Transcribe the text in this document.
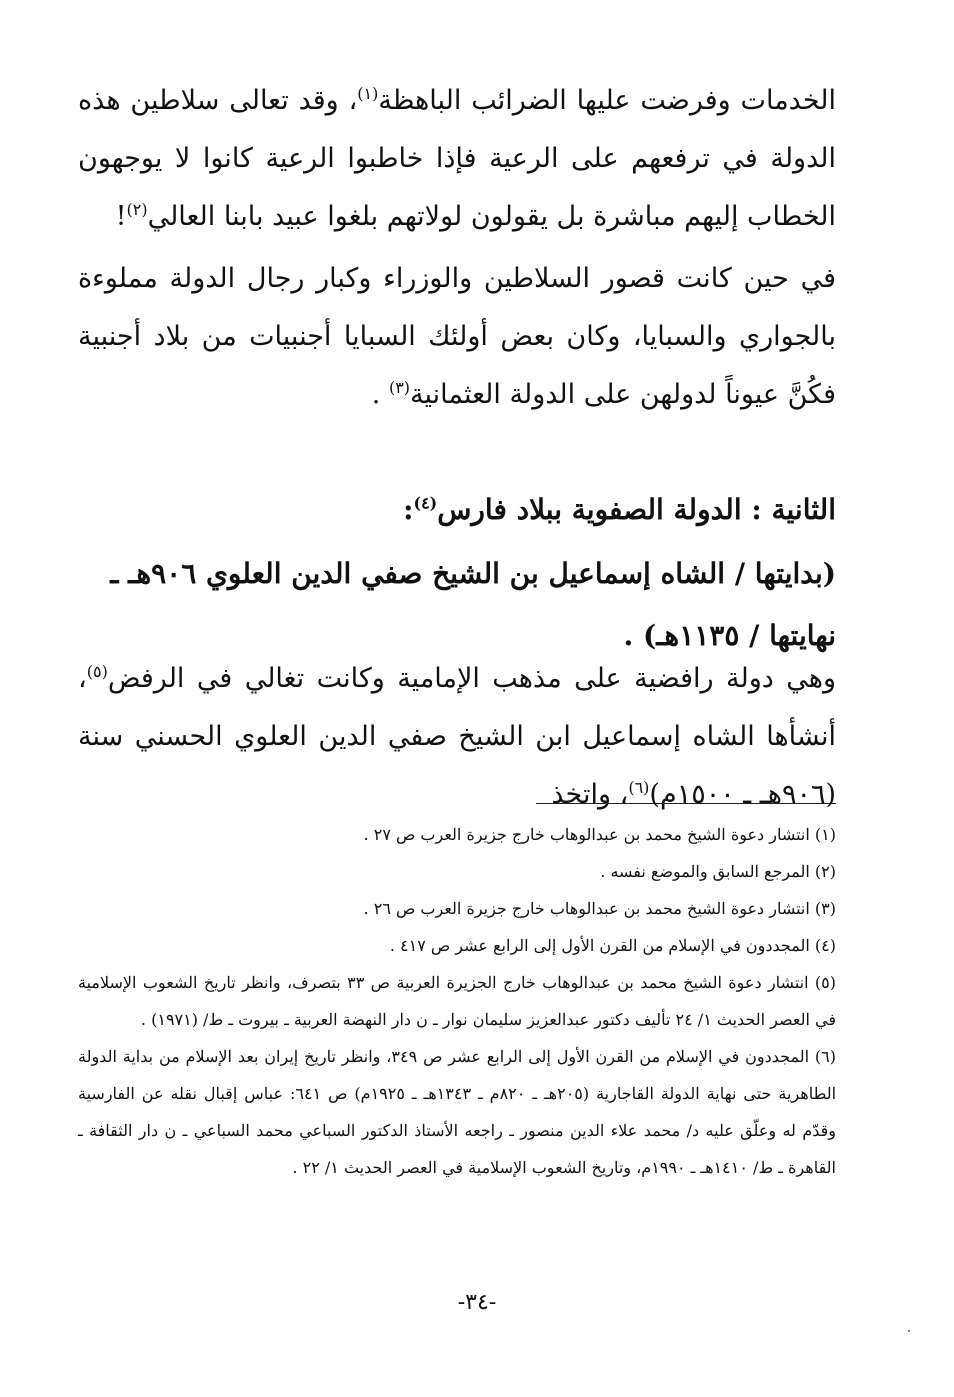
الخدمات وفرضت عليها الضرائب الباهظة$^{(١)}$، وقد تعالى سلاطين هذه الدولة في ترفعهم على الرعية فإذا خاطبوا الرعية كانوا لا يوجهون الخطاب إليهم مباشرة بل يقولون لولاتهم بلغوا عبيد بابنا العالي$^{(٢)}$!

في حين كانت قصور السلاطين والوزراء وكبار رجال الدولة مملوءة بالجواري والسبايا، وكان بعض أولئك السبايا أجنبيات من بلاد أجنبية فكُنَّ عيوناً لدولهن على الدولة العثمانية$^{(٣)}$ .

الثانية : الدولة الصفوية ببلاد فارس$^{(٤)}$:
(بدايتها / الشاه إسماعيل بن الشيخ صفي الدين العلوي ٩٠٦هـ ـ
نهايتها / ١١٣٥هـ) .

وهي دولة رافضية على مذهب الإمامية وكانت تغالي في الرفض$^{(٥)}$، أنشأها الشاه إسماعيل ابن الشيخ صفي الدين العلوي الحسني سنة (٩٠٦هـ ـ ١٥٠٠م)$^{(٦)}$، واتخذ

(١) انتشار دعوة الشيخ محمد بن عبدالوهاب خارج جزيرة العرب ص ٢٧ .

(٢) المرجع السابق والموضع نفسه .

(٣) انتشار دعوة الشيخ محمد بن عبدالوهاب خارج جزيرة العرب ص ٢٦ .

(٤) المجددون في الإسلام من القرن الأول إلى الرابع عشر ص ٤١٧ .

(٥) انتشار دعوة الشيخ محمد بن عبدالوهاب خارج الجزيرة العربية ص ٣٣ بتصرف، وانظر تاريخ الشعوب الإسلامية في العصر الحديث ١/ ٢٤ تأليف دكتور عبدالعزيز سليمان نوار ـ ن دار النهضة العربية ـ بيروت ـ ط/ (١٩٧١) .

(٦) المجددون في الإسلام من القرن الأول إلى الرابع عشر ص ٣٤٩، وانظر تاريخ إيران بعد الإسلام من بداية الدولة الطاهرية حتى نهاية الدولة القاجارية (٢٠٥هـ ـ ٨٢٠م ـ ١٣٤٣هـ ـ ١٩٢٥م) ص ٦٤١: عباس إقبال نقله عن الفارسية وقدّم له وعلّق عليه د/ محمد علاء الدين منصور ـ راجعه الأستاذ الدكتور السباعي محمد السباعي ـ ن دار الثقافة ـ القاهرة ـ ط/ ١٤١٠هـ ـ ١٩٩٠م، وتاريخ الشعوب الإسلامية في العصر الحديث ١/ ٢٢ .

-٣٤-
